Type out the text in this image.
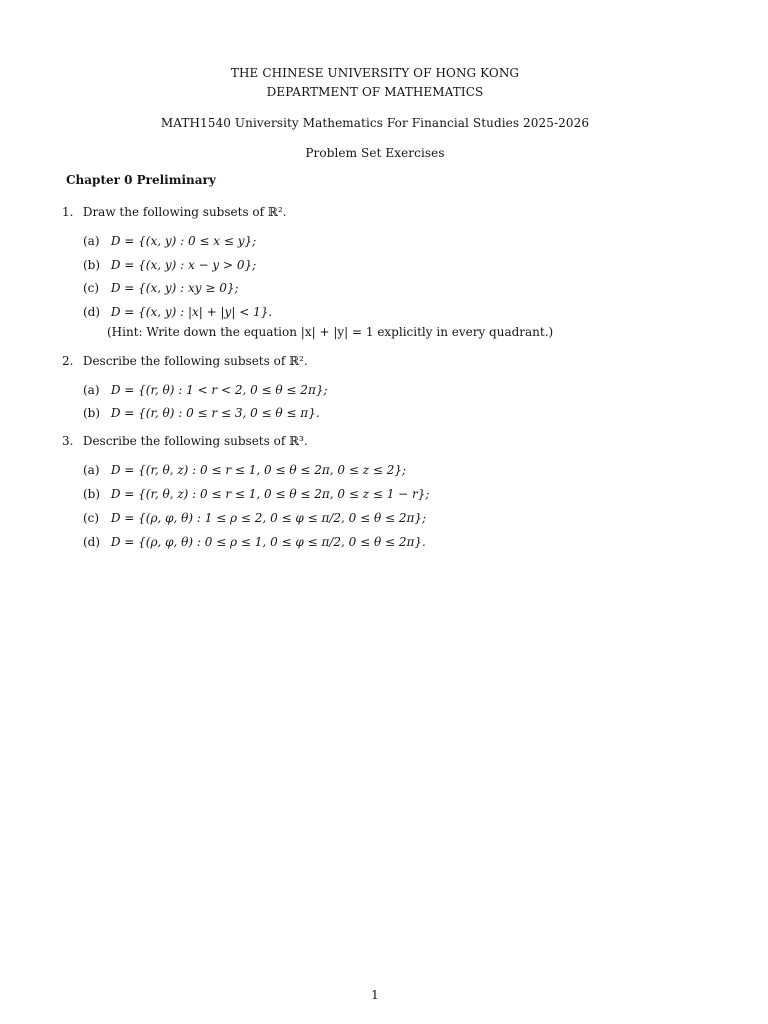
THE CHINESE UNIVERSITY OF HONG KONG
DEPARTMENT OF MATHEMATICS
MATH1540 University Mathematics For Financial Studies 2025-2026
Problem Set Exercises
Chapter 0 Preliminary
1. Draw the following subsets of ℝ².
(a) D = {(x, y) : 0 ≤ x ≤ y};
(b) D = {(x, y) : x − y > 0};
(c) D = {(x, y) : xy ≥ 0};
(d) D = {(x, y) : |x| + |y| < 1}.
(Hint: Write down the equation |x| + |y| = 1 explicitly in every quadrant.)
2. Describe the following subsets of ℝ².
(a) D = {(r, θ) : 1 < r < 2, 0 ≤ θ ≤ 2π};
(b) D = {(r, θ) : 0 ≤ r ≤ 3, 0 ≤ θ ≤ π}.
3. Describe the following subsets of ℝ³.
(a) D = {(r, θ, z) : 0 ≤ r ≤ 1, 0 ≤ θ ≤ 2π, 0 ≤ z ≤ 2};
(b) D = {(r, θ, z) : 0 ≤ r ≤ 1, 0 ≤ θ ≤ 2π, 0 ≤ z ≤ 1 − r};
(c) D = {(ρ, φ, θ) : 1 ≤ ρ ≤ 2, 0 ≤ φ ≤ π/2, 0 ≤ θ ≤ 2π};
(d) D = {(ρ, φ, θ) : 0 ≤ ρ ≤ 1, 0 ≤ φ ≤ π/2, 0 ≤ θ ≤ 2π}.
1
